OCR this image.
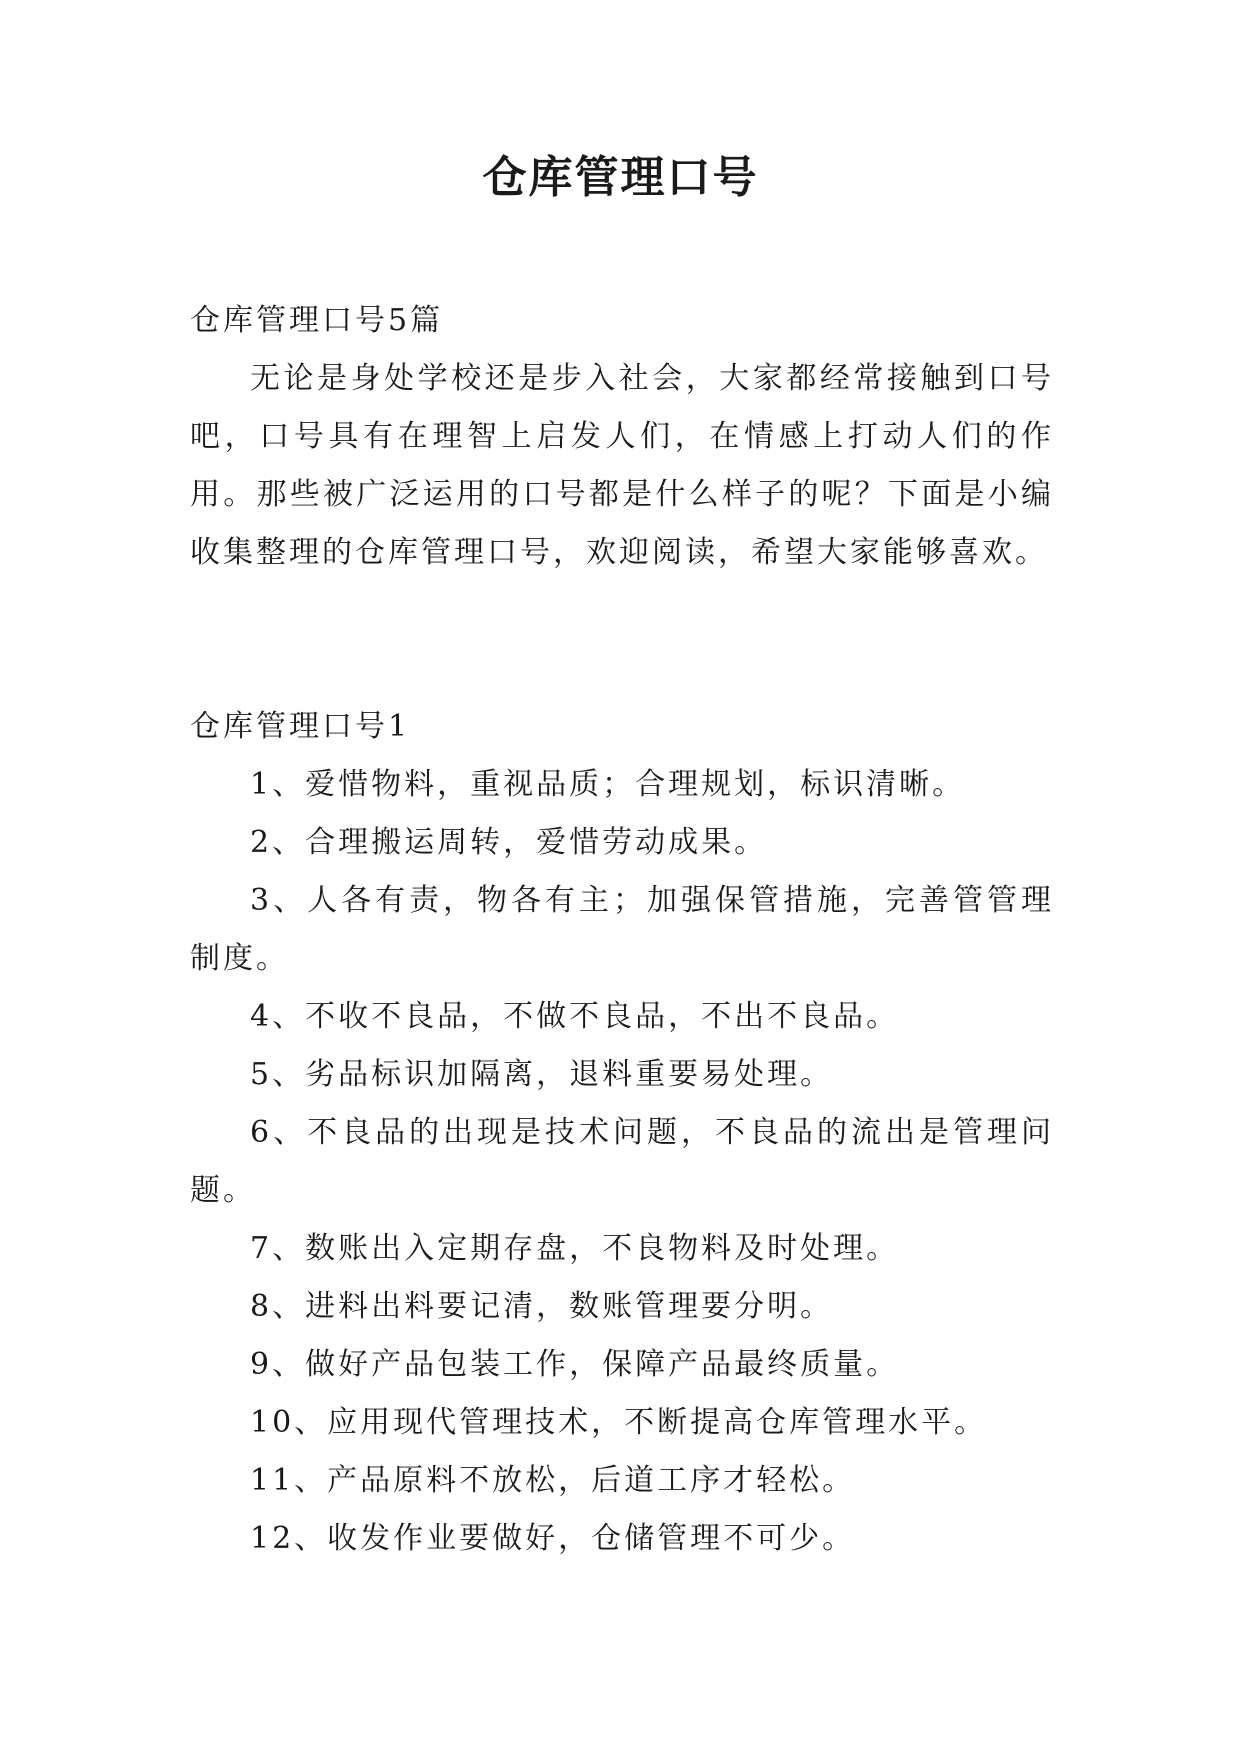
仓库管理口号

仓库管理口号5篇

无论是身处学校还是步入社会，大家都经常接触到口号吧，口号具有在理智上启发人们，在情感上打动人们的作用。那些被广泛运用的口号都是什么样子的呢？下面是小编收集整理的仓库管理口号，欢迎阅读，希望大家能够喜欢。

仓库管理口号1

1、爱惜物料，重视品质；合理规划，标识清晰。
2、合理搬运周转，爱惜劳动成果。
3、人各有责，物各有主；加强保管措施，完善管管理制度。
4、不收不良品，不做不良品，不出不良品。
5、劣品标识加隔离，退料重要易处理。
6、不良品的出现是技术问题，不良品的流出是管理问题。
7、数账出入定期存盘，不良物料及时处理。
8、进料出料要记清，数账管理要分明。
9、做好产品包装工作，保障产品最终质量。
10、应用现代管理技术，不断提高仓库管理水平。
11、产品原料不放松，后道工序才轻松。
12、收发作业要做好，仓储管理不可少。
